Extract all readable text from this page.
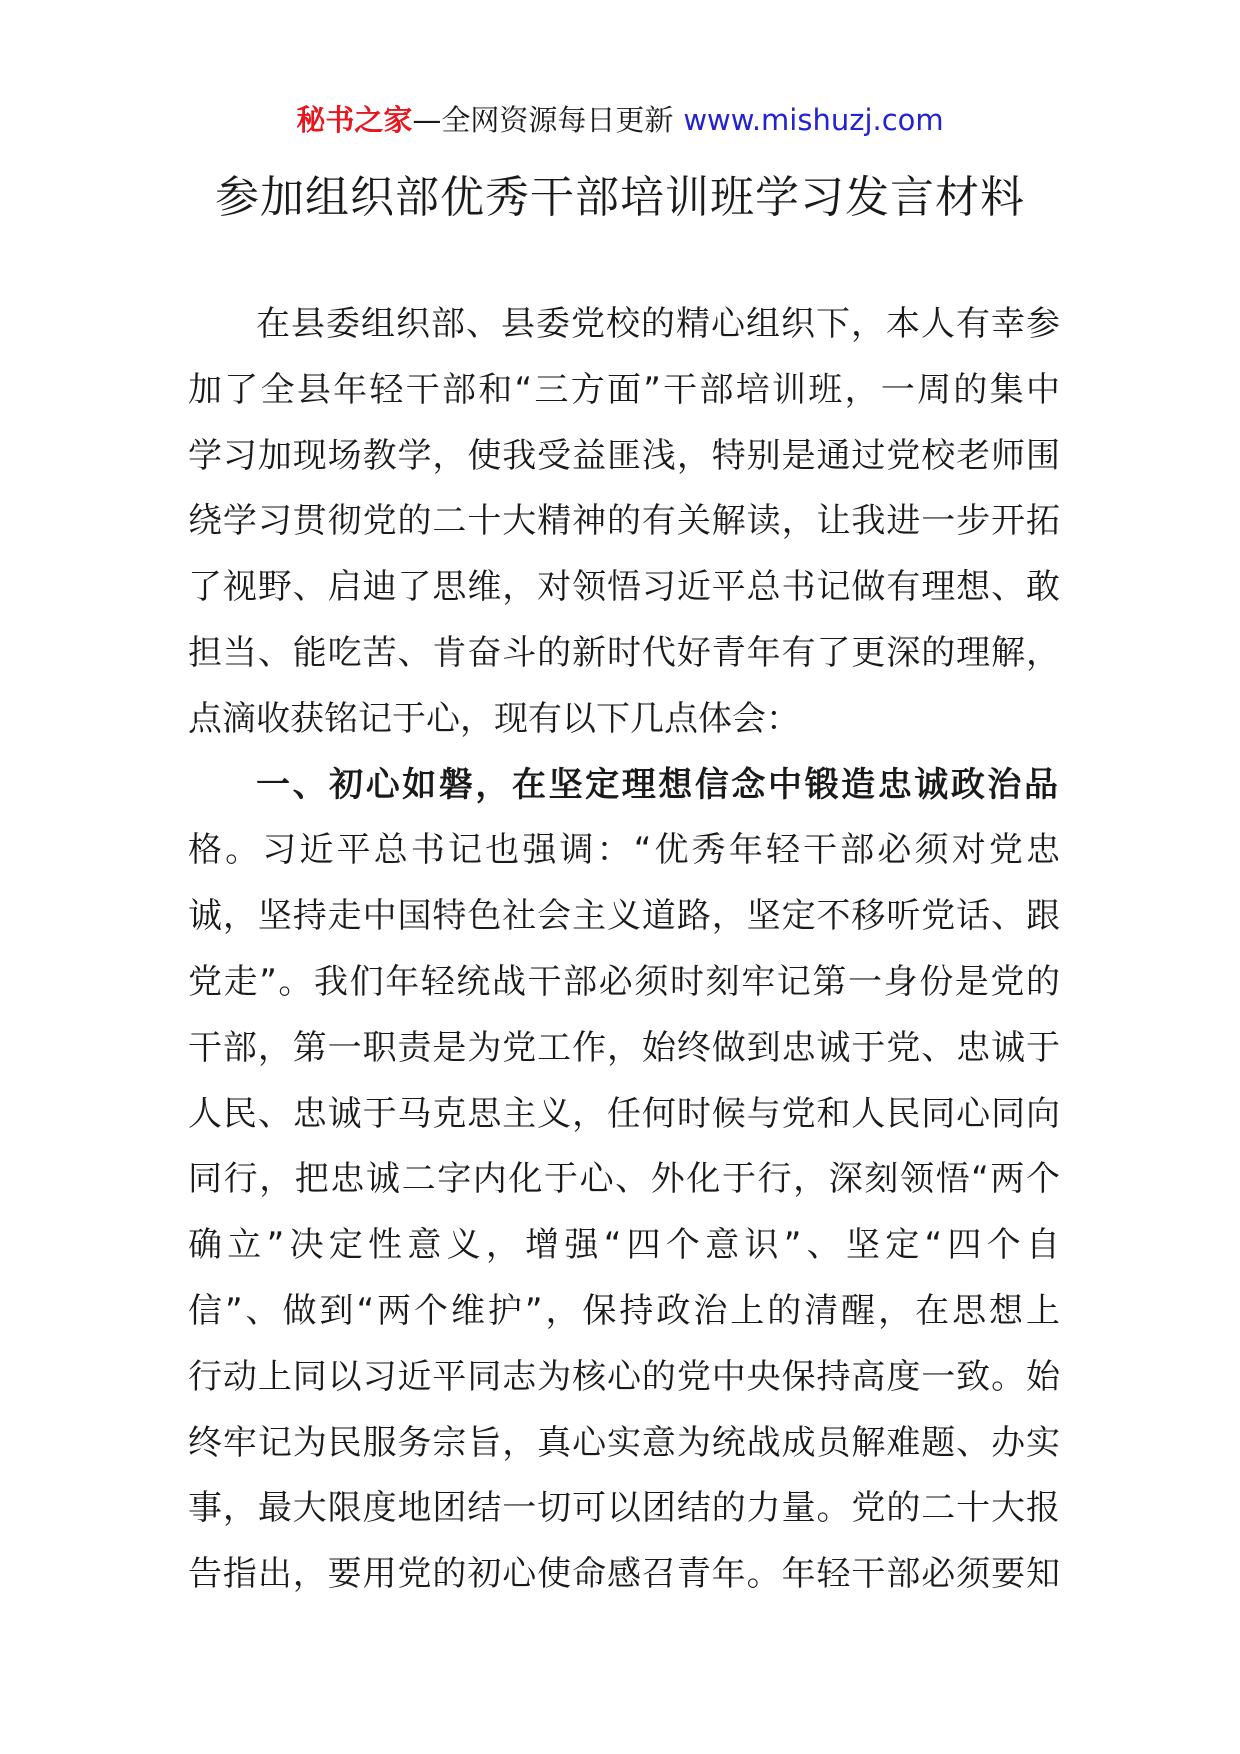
秘书之家—全网资源每日更新 www.mishuzj.com
参加组织部优秀干部培训班学习发言材料
在县委组织部、县委党校的精心组织下，本人有幸参
加了全县年轻干部和“三方面”干部培训班，一周的集中
学习加现场教学，使我受益匪浅，特别是通过党校老师围
绕学习贯彻党的二十大精神的有关解读，让我进一步开拓
了视野、启迪了思维，对领悟习近平总书记做有理想、敢
担当、能吃苦、肯奋斗的新时代好青年有了更深的理解，
点滴收获铭记于心，现有以下几点体会：
一、初心如磐，在坚定理想信念中锻造忠诚政治品
格。习近平总书记也强调：“优秀年轻干部必须对党忠
诚，坚持走中国特色社会主义道路，坚定不移听党话、跟
党走”。我们年轻统战干部必须时刻牢记第一身份是党的
干部，第一职责是为党工作，始终做到忠诚于党、忠诚于
人民、忠诚于马克思主义，任何时候与党和人民同心同向
同行，把忠诚二字内化于心、外化于行，深刻领悟“两个
确立”决定性意义，增强“四个意识”、坚定“四个自
信”、做到“两个维护”，保持政治上的清醒，在思想上
行动上同以习近平同志为核心的党中央保持高度一致。始
终牢记为民服务宗旨，真心实意为统战成员解难题、办实
事，最大限度地团结一切可以团结的力量。党的二十大报
告指出，要用党的初心使命感召青年。年轻干部必须要知
